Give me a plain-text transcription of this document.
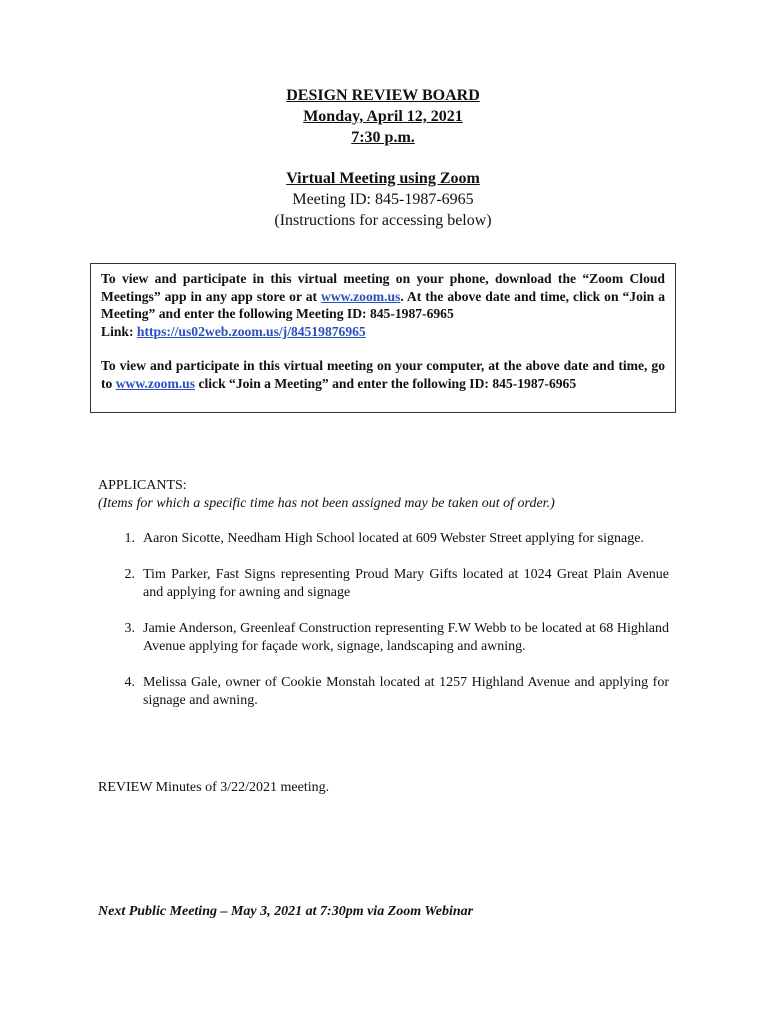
DESIGN REVIEW BOARD
Monday, April 12, 2021
7:30 p.m.
Virtual Meeting using Zoom
Meeting ID: 845-1987-6965
(Instructions for accessing below)

To view and participate in this virtual meeting on your phone, download the “Zoom Cloud Meetings” app in any app store or at www.zoom.us. At the above date and time, click on “Join a Meeting” and enter the following Meeting ID: 845-1987-6965
Link: https://us02web.zoom.us/j/84519876965

To view and participate in this virtual meeting on your computer, at the above date and time, go to www.zoom.us click “Join a Meeting” and enter the following ID: 845-1987-6965

APPLICANTS:
(Items for which a specific time has not been assigned may be taken out of order.)
1. Aaron Sicotte, Needham High School located at 609 Webster Street applying for signage.
2. Tim Parker, Fast Signs representing Proud Mary Gifts located at 1024 Great Plain Avenue and applying for awning and signage
3. Jamie Anderson, Greenleaf Construction representing F.W Webb to be located at 68 Highland Avenue applying for façade work, signage, landscaping and awning.
4. Melissa Gale, owner of Cookie Monstah located at 1257 Highland Avenue and applying for signage and awning.
REVIEW Minutes of 3/22/2021 meeting.
Next Public Meeting – May 3, 2021 at 7:30pm via Zoom Webinar
